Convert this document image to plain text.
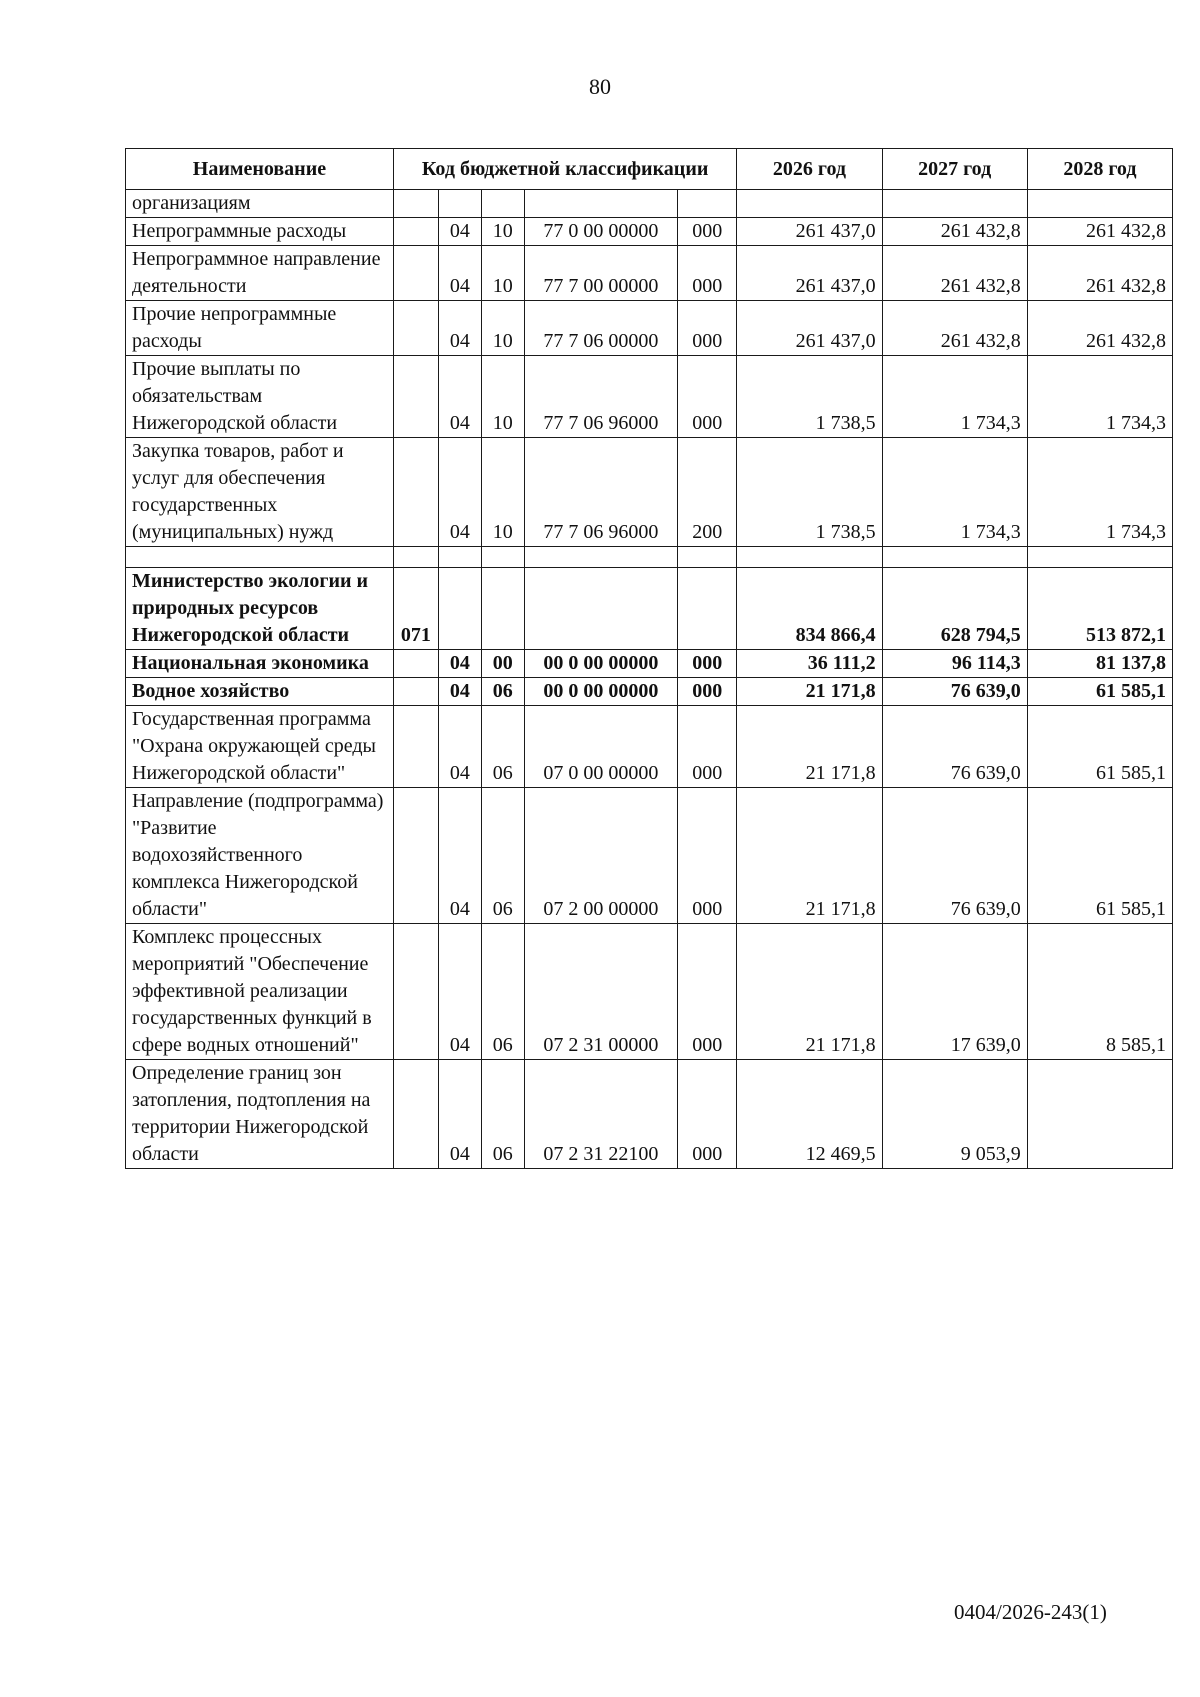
80
Наименование	Код бюджетной классификации					2026 год	2027 год	2028 год
организациям								
Непрограммные расходы		04	10	77 0 00 00000	000	261 437,0	261 432,8	261 432,8
Непрограммное направление деятельности		04	10	77 7 00 00000	000	261 437,0	261 432,8	261 432,8
Прочие непрограммные расходы		04	10	77 7 06 00000	000	261 437,0	261 432,8	261 432,8
Прочие выплаты по обязательствам Нижегородской области		04	10	77 7 06 96000	000	1 738,5	1 734,3	1 734,3
Закупка товаров, работ и услуг для обеспечения государственных (муниципальных) нужд		04	10	77 7 06 96000	200	1 738,5	1 734,3	1 734,3

Министерство экологии и природных ресурсов Нижегородской области	071					834 866,4	628 794,5	513 872,1
Национальная экономика		04	00	00 0 00 00000	000	36 111,2	96 114,3	81 137,8
Водное хозяйство		04	06	00 0 00 00000	000	21 171,8	76 639,0	61 585,1
Государственная программа "Охрана окружающей среды Нижегородской области"		04	06	07 0 00 00000	000	21 171,8	76 639,0	61 585,1
Направление (подпрограмма) "Развитие водохозяйственного комплекса Нижегородской области"		04	06	07 2 00 00000	000	21 171,8	76 639,0	61 585,1
Комплекс процессных мероприятий "Обеспечение эффективной реализации государственных функций в сфере водных отношений"		04	06	07 2 31 00000	000	21 171,8	17 639,0	8 585,1
Определение границ зон затопления, подтопления на территории Нижегородской области		04	06	07 2 31 22100	000	12 469,5	9 053,9	
0404/2026-243(1)
